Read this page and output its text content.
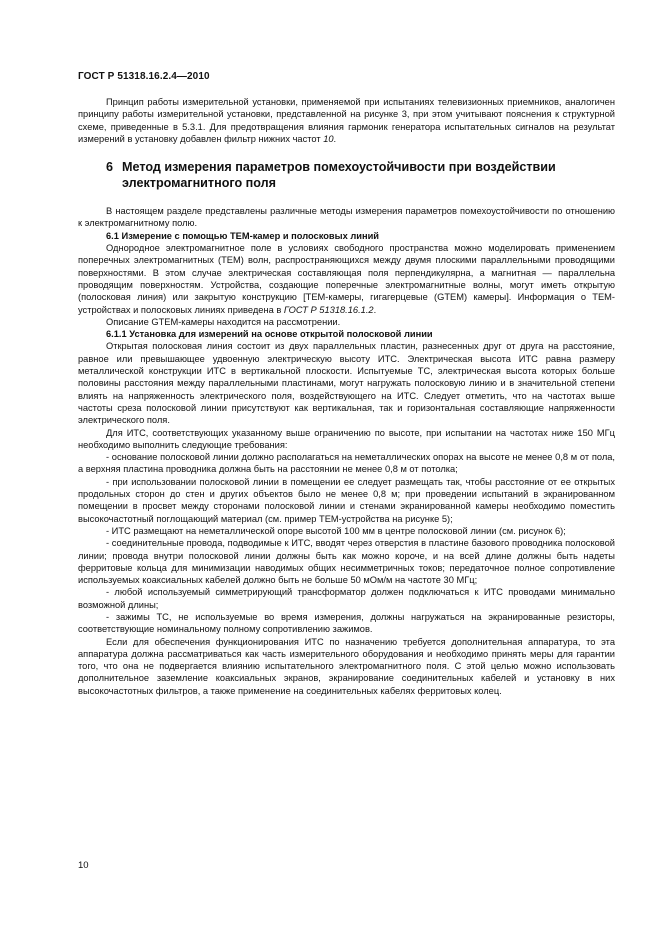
ГОСТ Р 51318.16.2.4—2010

Принцип работы измерительной установки, применяемой при испытаниях телевизионных приемников, аналогичен принципу работы измерительной установки, представленной на рисунке 3, при этом учитывают пояснения к структурной схеме, приведенные в 5.3.1. Для предотвращения влияния гармоник генератора испытательных сигналов на результат измерений в установку добавлен фильтр нижних частот 10.

6 Метод измерения параметров помехоустойчивости при воздействии электромагнитного поля

В настоящем разделе представлены различные методы измерения параметров помехоустойчивости по отношению к электромагнитному полю.

6.1 Измерение с помощью ТЕМ-камер и полосковых линий

Однородное электромагнитное поле в условиях свободного пространства можно моделировать применением поперечных электромагнитных (ТЕМ) волн, распространяющихся между двумя плоскими параллельными проводящими поверхностями. В этом случае электрическая составляющая поля перпендикулярна, а магнитная — параллельна проводящим поверхностям. Устройства, создающие поперечные электромагнитные волны, могут иметь открытую (полосковая линия) или закрытую конструкцию [ТЕМ-камеры, гигагерцевые (GTEM) камеры]. Информация о ТЕМ-устройствах и полосковых линиях приведена в ГОСТ Р 51318.16.1.2.

Описание GTEM-камеры находится на рассмотрении.

6.1.1 Установка для измерений на основе открытой полосковой линии

Открытая полосковая линия состоит из двух параллельных пластин, разнесенных друг от друга на расстояние, равное или превышающее удвоенную электрическую высоту ИТС. Электрическая высота ИТС равна размеру металлической конструкции ИТС в вертикальной плоскости. Испытуемые ТС, электрическая высота которых больше половины расстояния между параллельными пластинами, могут нагружать полосковую линию и в значительной степени влиять на напряженность электрического поля, воздействующего на ИТС. Следует отметить, что на частотах выше частоты среза полосковой линии присутствуют как вертикальная, так и горизонтальная составляющие напряженности электрического поля.

Для ИТС, соответствующих указанному выше ограничению по высоте, при испытании на частотах ниже 150 МГц необходимо выполнить следующие требования:

- основание полосковой линии должно располагаться на неметаллических опорах на высоте не менее 0,8 м от пола, а верхняя пластина проводника должна быть на расстоянии не менее 0,8 м от потолка;

- при использовании полосковой линии в помещении ее следует размещать так, чтобы расстояние от ее открытых продольных сторон до стен и других объектов было не менее 0,8 м; при проведении испытаний в экранированном помещении в просвет между сторонами полосковой линии и стенами экранированной камеры необходимо поместить высокочастотный поглощающий материал (см. пример ТЕМ-устройства на рисунке 5);

- ИТС размещают на неметаллической опоре высотой 100 мм в центре полосковой линии (см. рисунок 6);

- соединительные провода, подводимые к ИТС, вводят через отверстия в пластине базового проводника полосковой линии; провода внутри полосковой линии должны быть как можно короче, и на всей длине должны быть надеты ферритовые кольца для минимизации наводимых общих несимметричных токов; передаточное полное сопротивление используемых коаксиальных кабелей должно быть не больше 50 мОм/м на частоте 30 МГц;

- любой используемый симметрирующий трансформатор должен подключаться к ИТС проводами минимально возможной длины;

- зажимы ТС, не используемые во время измерения, должны нагружаться на экранированные резисторы, соответствующие номинальному полному сопротивлению зажимов.

Если для обеспечения функционирования ИТС по назначению требуется дополнительная аппаратура, то эта аппаратура должна рассматриваться как часть измерительного оборудования и необходимо принять меры для гарантии того, что она не подвергается влиянию испытательного электромагнитного поля. С этой целью можно использовать дополнительное заземление коаксиальных экранов, экранирование соединительных кабелей и установку в них высокочастотных фильтров, а также применение на соединительных кабелях ферритовых колец.

10
